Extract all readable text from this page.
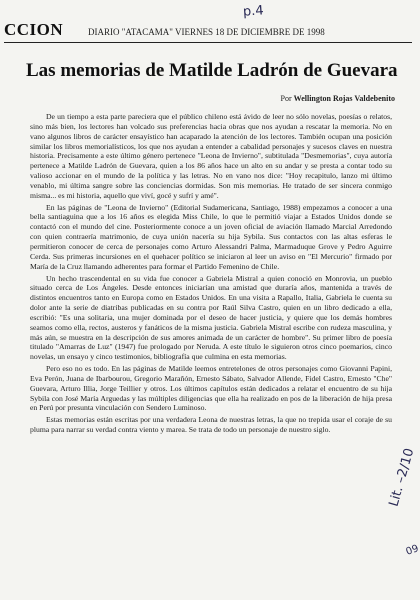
CCION	DIARIO "ATACAMA" VIERNES 18 DE DICIEMBRE DE 1998
p.4
Lit. –2/10
09
Las memorias de Matilde Ladrón de Guevara
Por Wellington Rojas Valdebenito

De un tiempo a esta parte pareciera que el público chileno está ávido de leer no sólo novelas, poesías o relatos, sino más bien, los lectores han volcado sus preferencias hacia obras que nos ayudan a rescatar la memoria. No en vano algunos libros de carácter ensayístico han acaparado la atención de los lectores. También ocupan una posición similar los libros memorialísticos, los que nos ayudan a entender a cabalidad personajes y sucesos claves en nuestra historia. Precisamente a este último género pertenece "Leona de Invierno", subtitulada "Desmemorias", cuya autoría pertenece a Matilde Ladrón de Guevara, quien a los 86 años hace un alto en su andar y se presta a contar todo su valioso accionar en el mundo de la política y las letras. No en vano nos dice: "Hoy recapitulo, lanzo mi último venablo, mi última sangre sobre las conciencias dormidas. Son mis memorias. He tratado de ser sincera conmigo misma... es mi historia, aquello que viví, gocé y sufrí y amé".

En las páginas de "Leona de Invierno" (Editorial Sudamericana, Santiago, 1988) empezamos a conocer a una bella santiaguina que a los 16 años es elegida Miss Chile, lo que le permitió viajar a Estados Unidos donde se contactó con el mundo del cine. Posteriormente conoce a un joven oficial de aviación llamado Marcial Arredondo con quien contraería matrimonio, de cuya unión nacería su hija Sybila. Sus contactos con las altas esferas le permitieron conocer de cerca de personajes como Arturo Alessandri Palma, Marmaduque Grove y Pedro Aguirre Cerda. Sus primeras incursiones en el quehacer político se iniciaron al leer un aviso en "El Mercurio" firmado por María de la Cruz llamando adherentes para formar el Partido Femenino de Chile.

Un hecho trascendental en su vida fue conocer a Gabriela Mistral a quien conoció en Monrovia, un pueblo situado cerca de Los Ángeles. Desde entonces iniciarían una amistad que duraría años, mantenida a través de distintos encuentros tanto en Europa como en Estados Unidos. En una visita a Rapallo, Italia, Gabriela le cuenta su dolor ante la serie de diatribas publicadas en su contra por Raúl Silva Castro, quien en un libro dedicado a ella, escribió: "Es una solitaria, una mujer dominada por el deseo de hacer justicia, y quiere que los demás hombres seamos como ella, rectos, austeros y fanáticos de la misma justicia. Gabriela Mistral escribe con rudeza masculina, y más aún, se muestra en la descripción de sus amores animada de un carácter de hombre". Su primer libro de poesía titulado "Amarras de Luz" (1947) fue prologado por Neruda. A este título le siguieron otros cinco poemarios, cinco novelas, un ensayo y cinco testimonios, bibliografía que culmina en esta memorias.

Pero eso no es todo. En las páginas de Matilde leemos entretelones de otros personajes como Giovanni Papini, Eva Perón, Juana de Ibarbourou, Gregorio Marañón, Ernesto Sábato, Salvador Allende, Fidel Castro, Ernesto "Che" Guevara, Arturo Illia, Jorge Teillier y otros. Los últimos capítulos están dedicados a relatar el encuentro de su hija Sybila con José María Arguedas y las múltiples diligencias que ella ha realizado en pos de la liberación de hija presa en Perú por presunta vinculación con Sendero Luminoso.

Estas memorias están escritas por una verdadera Leona de nuestras letras, la que no trepida usar el coraje de su pluma para narrar su verdad contra viento y marea. Se trata de todo un personaje de nuestro siglo.
